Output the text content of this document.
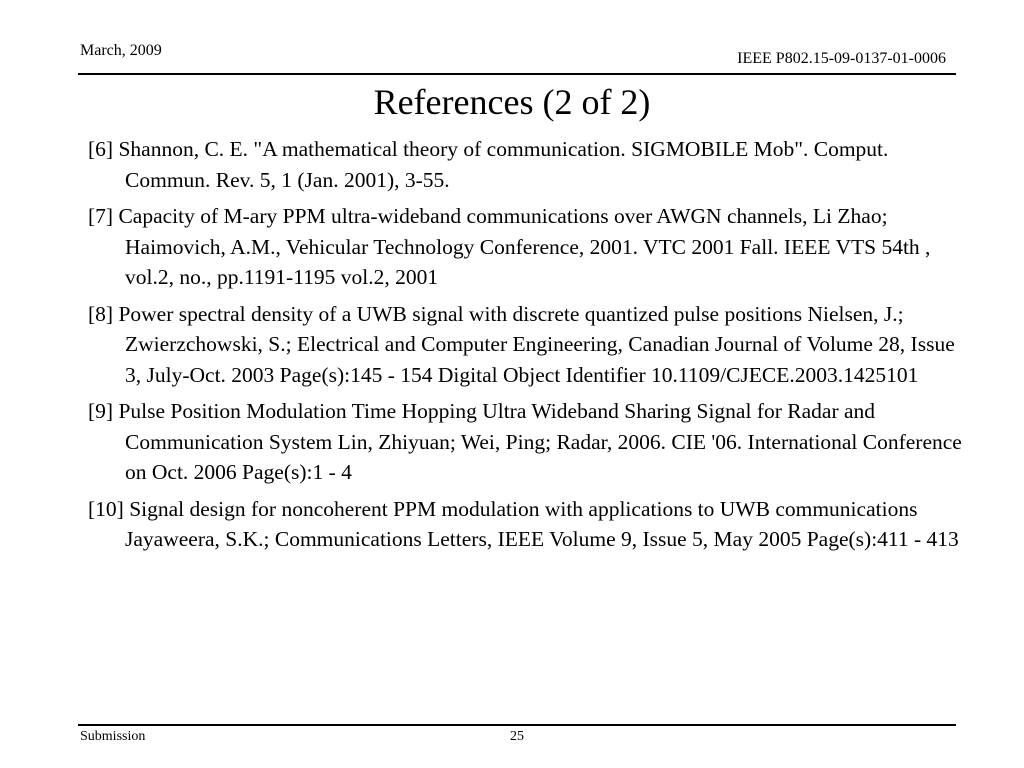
March, 2009	IEEE P802.15-09-0137-01-0006
References (2 of 2)
[6] Shannon, C. E. "A mathematical theory of communication. SIGMOBILE Mob". Comput. Commun. Rev. 5, 1 (Jan. 2001), 3-55.
[7] Capacity of M-ary PPM ultra-wideband communications over AWGN channels, Li Zhao; Haimovich, A.M., Vehicular Technology Conference, 2001. VTC 2001 Fall. IEEE VTS 54th , vol.2, no., pp.1191-1195 vol.2, 2001
[8] Power spectral density of a UWB signal with discrete quantized pulse positions Nielsen, J.; Zwierzchowski, S.; Electrical and Computer Engineering, Canadian Journal of Volume 28, Issue 3, July-Oct. 2003 Page(s):145 - 154 Digital Object Identifier 10.1109/CJECE.2003.1425101
[9] Pulse Position Modulation Time Hopping Ultra Wideband Sharing Signal for Radar and Communication System Lin, Zhiyuan; Wei, Ping; Radar, 2006. CIE '06. International Conference on Oct. 2006 Page(s):1 - 4
[10] Signal design for noncoherent PPM modulation with applications to UWB communications Jayaweera, S.K.; Communications Letters, IEEE Volume 9, Issue 5, May 2005 Page(s):411 - 413
Submission	25
